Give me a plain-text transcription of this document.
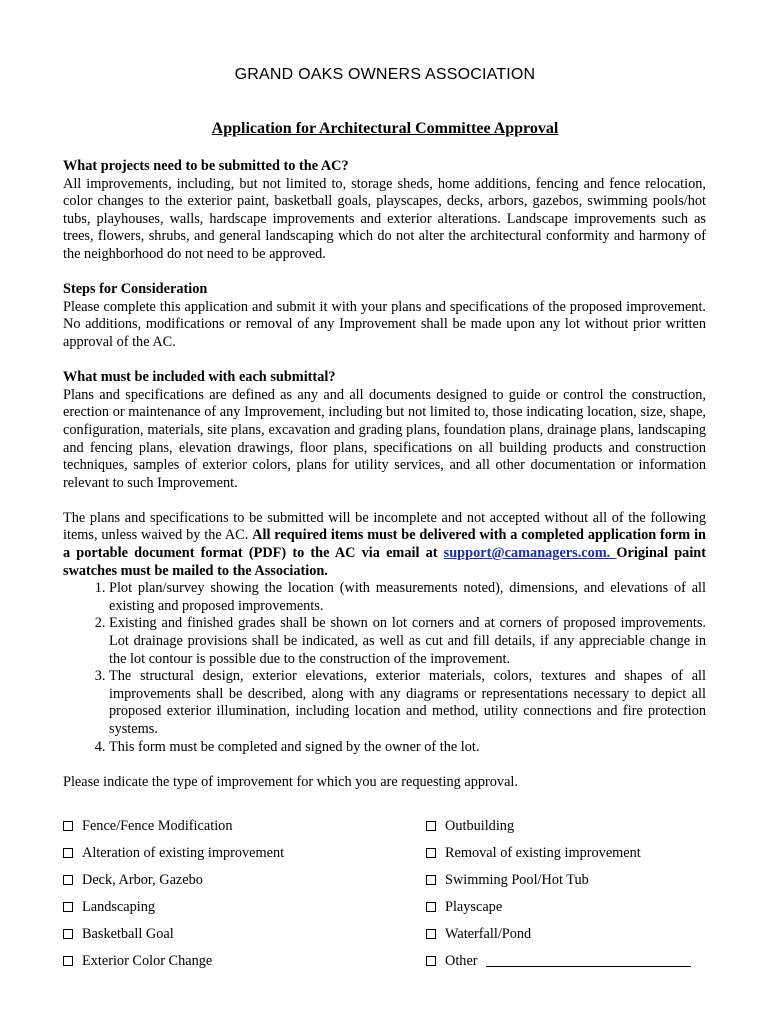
GRAND OAKS OWNERS ASSOCIATION
Application for Architectural Committee Approval

What projects need to be submitted to the AC?

All improvements, including, but not limited to, storage sheds, home additions, fencing and fence relocation, color changes to the exterior paint, basketball goals, playscapes, decks, arbors, gazebos, swimming pools/hot tubs, playhouses, walls, hardscape improvements and exterior alterations. Landscape improvements such as trees, flowers, shrubs, and general landscaping which do not alter the architectural conformity and harmony of the neighborhood do not need to be approved.

Steps for Consideration

Please complete this application and submit it with your plans and specifications of the proposed improvement. No additions, modifications or removal of any Improvement shall be made upon any lot without prior written approval of the AC.

What must be included with each submittal?

Plans and specifications are defined as any and all documents designed to guide or control the construction, erection or maintenance of any Improvement, including but not limited to, those indicating location, size, shape, configuration, materials, site plans, excavation and grading plans, foundation plans, drainage plans, landscaping and fencing plans, elevation drawings, floor plans, specifications on all building products and construction techniques, samples of exterior colors, plans for utility services, and all other documentation or information relevant to such Improvement.

The plans and specifications to be submitted will be incomplete and not accepted without all of the following items, unless waived by the AC. All required items must be delivered with a completed application form in a portable document format (PDF) to the AC via email at support@camanagers.com. Original paint swatches must be mailed to the Association.

1. Plot plan/survey showing the location (with measurements noted), dimensions, and elevations of all existing and proposed improvements.
2. Existing and finished grades shall be shown on lot corners and at corners of proposed improvements. Lot drainage provisions shall be indicated, as well as cut and fill details, if any appreciable change in the lot contour is possible due to the construction of the improvement.
3. The structural design, exterior elevations, exterior materials, colors, textures and shapes of all improvements shall be described, along with any diagrams or representations necessary to depict all proposed exterior illumination, including location and method, utility connections and fire protection systems.
4. This form must be completed and signed by the owner of the lot.

Please indicate the type of improvement for which you are requesting approval.

Fence/Fence Modification
Alteration of existing improvement
Deck, Arbor, Gazebo
Landscaping
Basketball Goal
Exterior Color Change
Outbuilding
Removal of existing improvement
Swimming Pool/Hot Tub
Playscape
Waterfall/Pond
Other
